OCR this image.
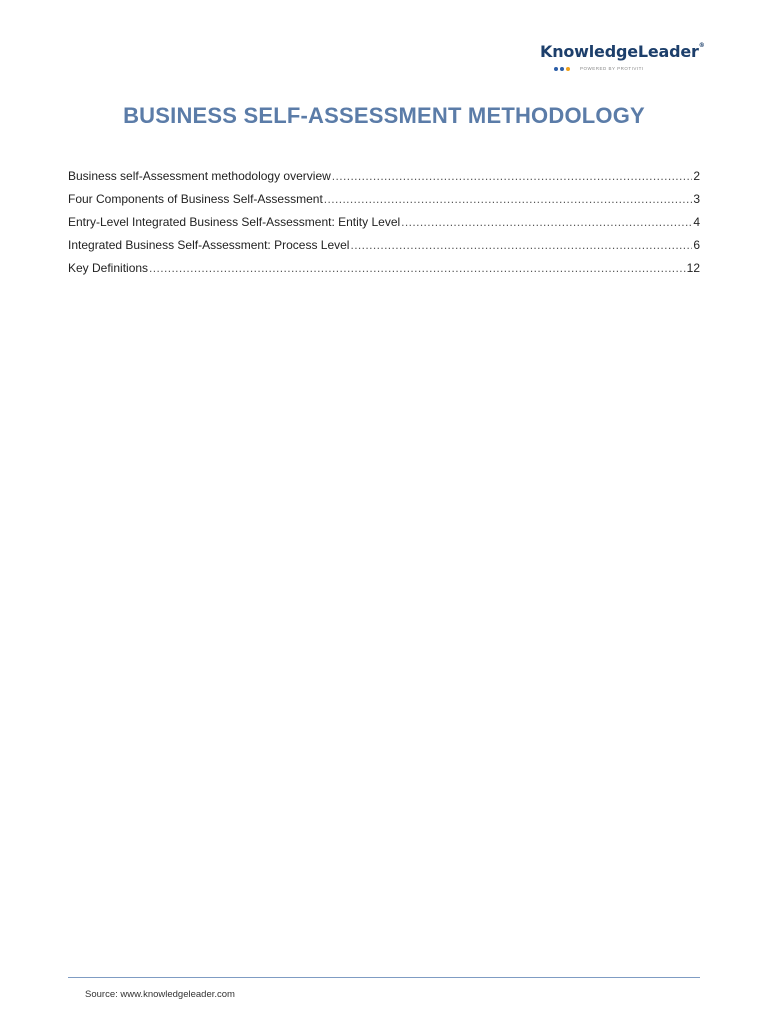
KnowledgeLeader®
POWERED BY PROTIVITI
BUSINESS SELF-ASSESSMENT METHODOLOGY
Business self-Assessment methodology overview .....	2
Four Components of Business Self-Assessment .....	3
Entry-Level Integrated Business Self-Assessment: Entity Level .....	4
Integrated Business Self-Assessment: Process Level .....	6
Key Definitions .....	12
Source: www.knowledgeleader.com
